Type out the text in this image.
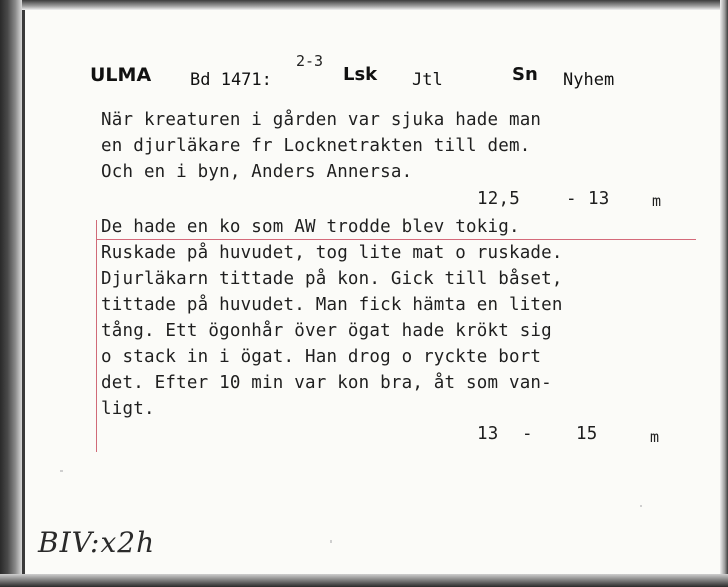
ULMA Bd 1471:
2-3
Lsk Jtl	Sn Nyhem
När kreaturen i gården var sjuka hade man
en djurläkare fr Locknetrakten till dem.
Och en i byn, Anders Annersa.
12,5	- 13	m
De hade en ko som AW trodde blev tokig.
Ruskade på huvudet, tog lite mat o ruskade.
Djurläkarn tittade på kon. Gick till båset,
tittade på huvudet. Man fick hämta en liten
tång. Ett ögonhår över ögat hade krökt sig
o stack in i ögat. Han drog o ryckte bort
det. Efter 10 min var kon bra, åt som van-
ligt.
13 - 15	m
BIV:x2h
